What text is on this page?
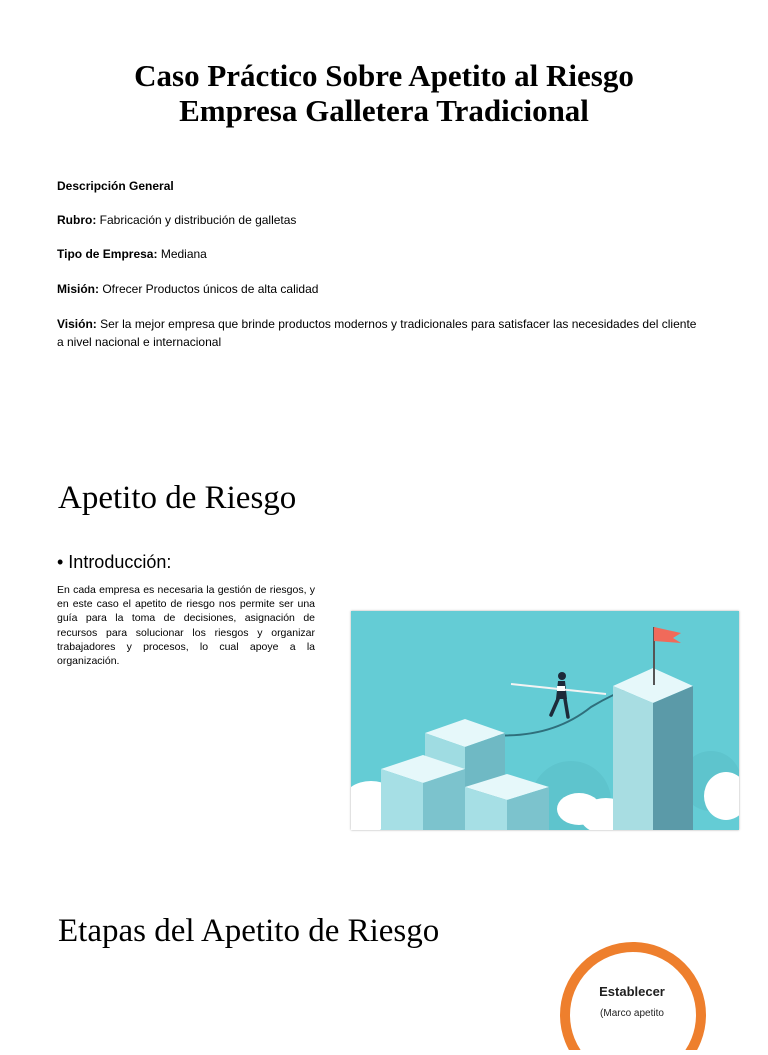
Caso Práctico Sobre Apetito al Riesgo
Empresa Galletera Tradicional
Descripción General
Rubro: Fabricación y distribución de galletas
Tipo de Empresa: Mediana
Misión: Ofrecer Productos únicos de alta calidad
Visión: Ser la mejor empresa que brinde productos modernos y tradicionales para satisfacer las necesidades del cliente a nivel nacional e internacional
Apetito de Riesgo
• Introducción:
En cada empresa es necesaria la gestión de riesgos, y en este caso el apetito de riesgo nos permite ser una guía para la toma de decisiones, asignación de recursos para solucionar los riesgos y organizar trabajadores y procesos, lo cual apoye a la organización.
Etapas del Apetito de Riesgo
Establecer
(Marco apetito
